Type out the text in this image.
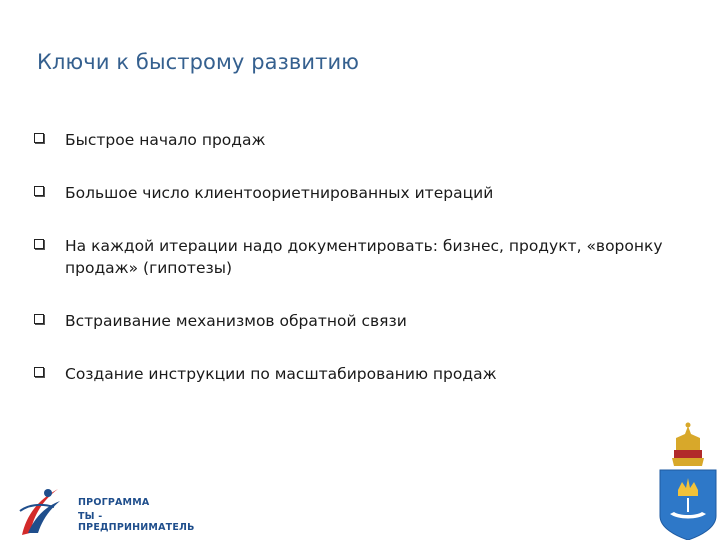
Ключи к быстрому развитию
Быстрое начало продаж
Большое число клиентоориетнированных итераций
На каждой итерации надо документировать: бизнес, продукт, «воронку продаж» (гипотезы)
Встраивание механизмов обратной связи
Создание инструкции по масштабированию продаж
ПРОГРАММА
ТЫ - ПРЕДПРИНИМАТЕЛЬ
